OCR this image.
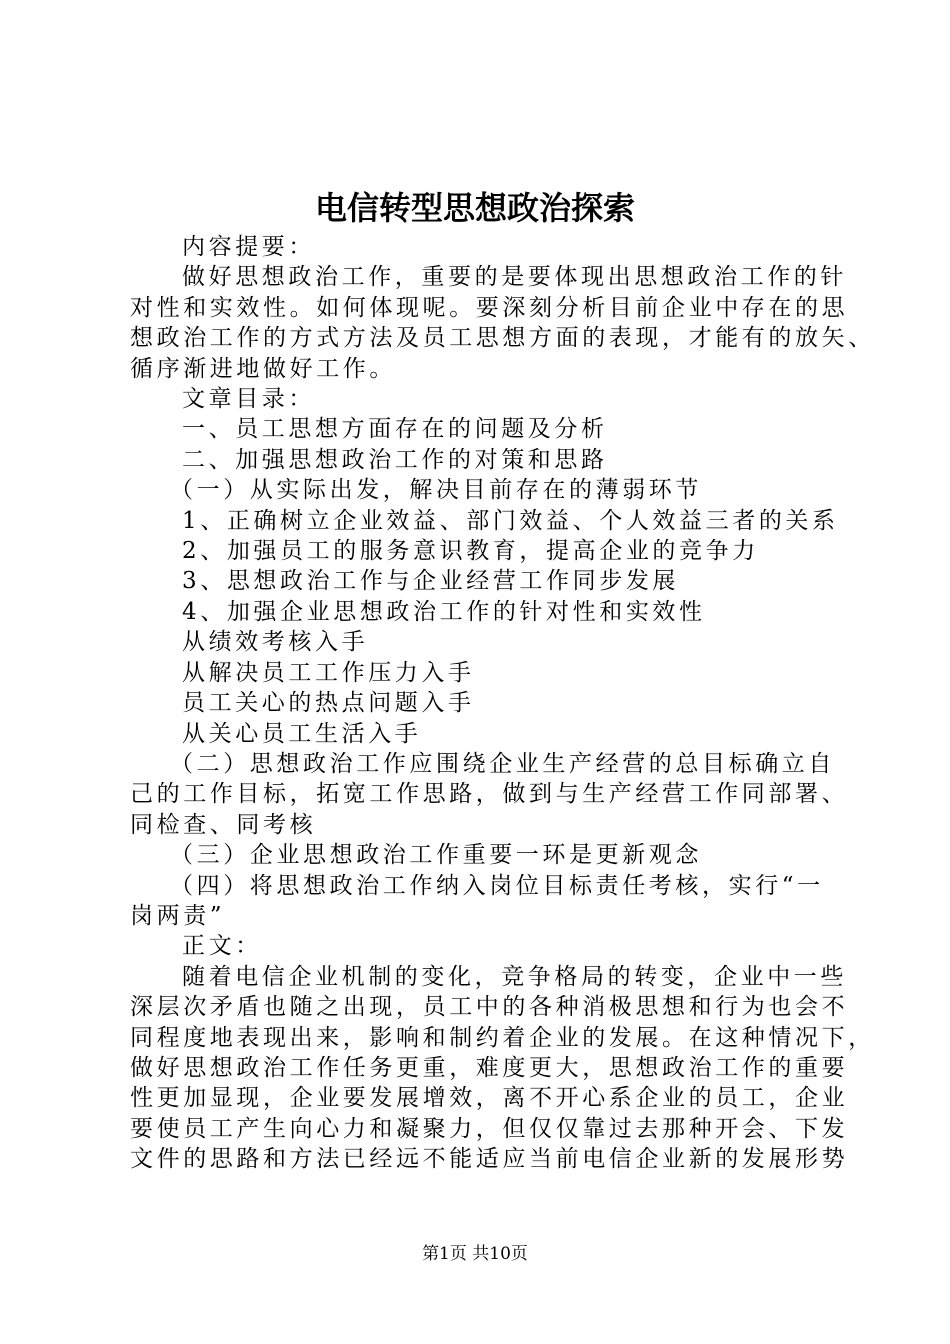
电信转型思想政治探索

内容提要：

做好思想政治工作，重要的是要体现出思想政治工作的针

对性和实效性。如何体现呢。要深刻分析目前企业中存在的思

想政治工作的方式方法及员工思想方面的表现，才能有的放矢、

循序渐进地做好工作。

文章目录：

一、员工思想方面存在的问题及分析

二、加强思想政治工作的对策和思路

（一）从实际出发，解决目前存在的薄弱环节

1、正确树立企业效益、部门效益、个人效益三者的关系

2、加强员工的服务意识教育，提高企业的竞争力

3、思想政治工作与企业经营工作同步发展

4、加强企业思想政治工作的针对性和实效性

从绩效考核入手

从解决员工工作压力入手

员工关心的热点问题入手

从关心员工生活入手

（二）思想政治工作应围绕企业生产经营的总目标确立自

己的工作目标，拓宽工作思路，做到与生产经营工作同部署、

同检查、同考核

（三）企业思想政治工作重要一环是更新观念

（四）将思想政治工作纳入岗位目标责任考核，实行“一

岗两责”

正文：

随着电信企业机制的变化，竞争格局的转变，企业中一些

深层次矛盾也随之出现，员工中的各种消极思想和行为也会不

同程度地表现出来，影响和制约着企业的发展。在这种情况下，

做好思想政治工作任务更重，难度更大，思想政治工作的重要

性更加显现，企业要发展增效，离不开心系企业的员工，企业

要使员工产生向心力和凝聚力，但仅仅靠过去那种开会、下发

文件的思路和方法已经远不能适应当前电信企业新的发展形势

第1页 共10页
